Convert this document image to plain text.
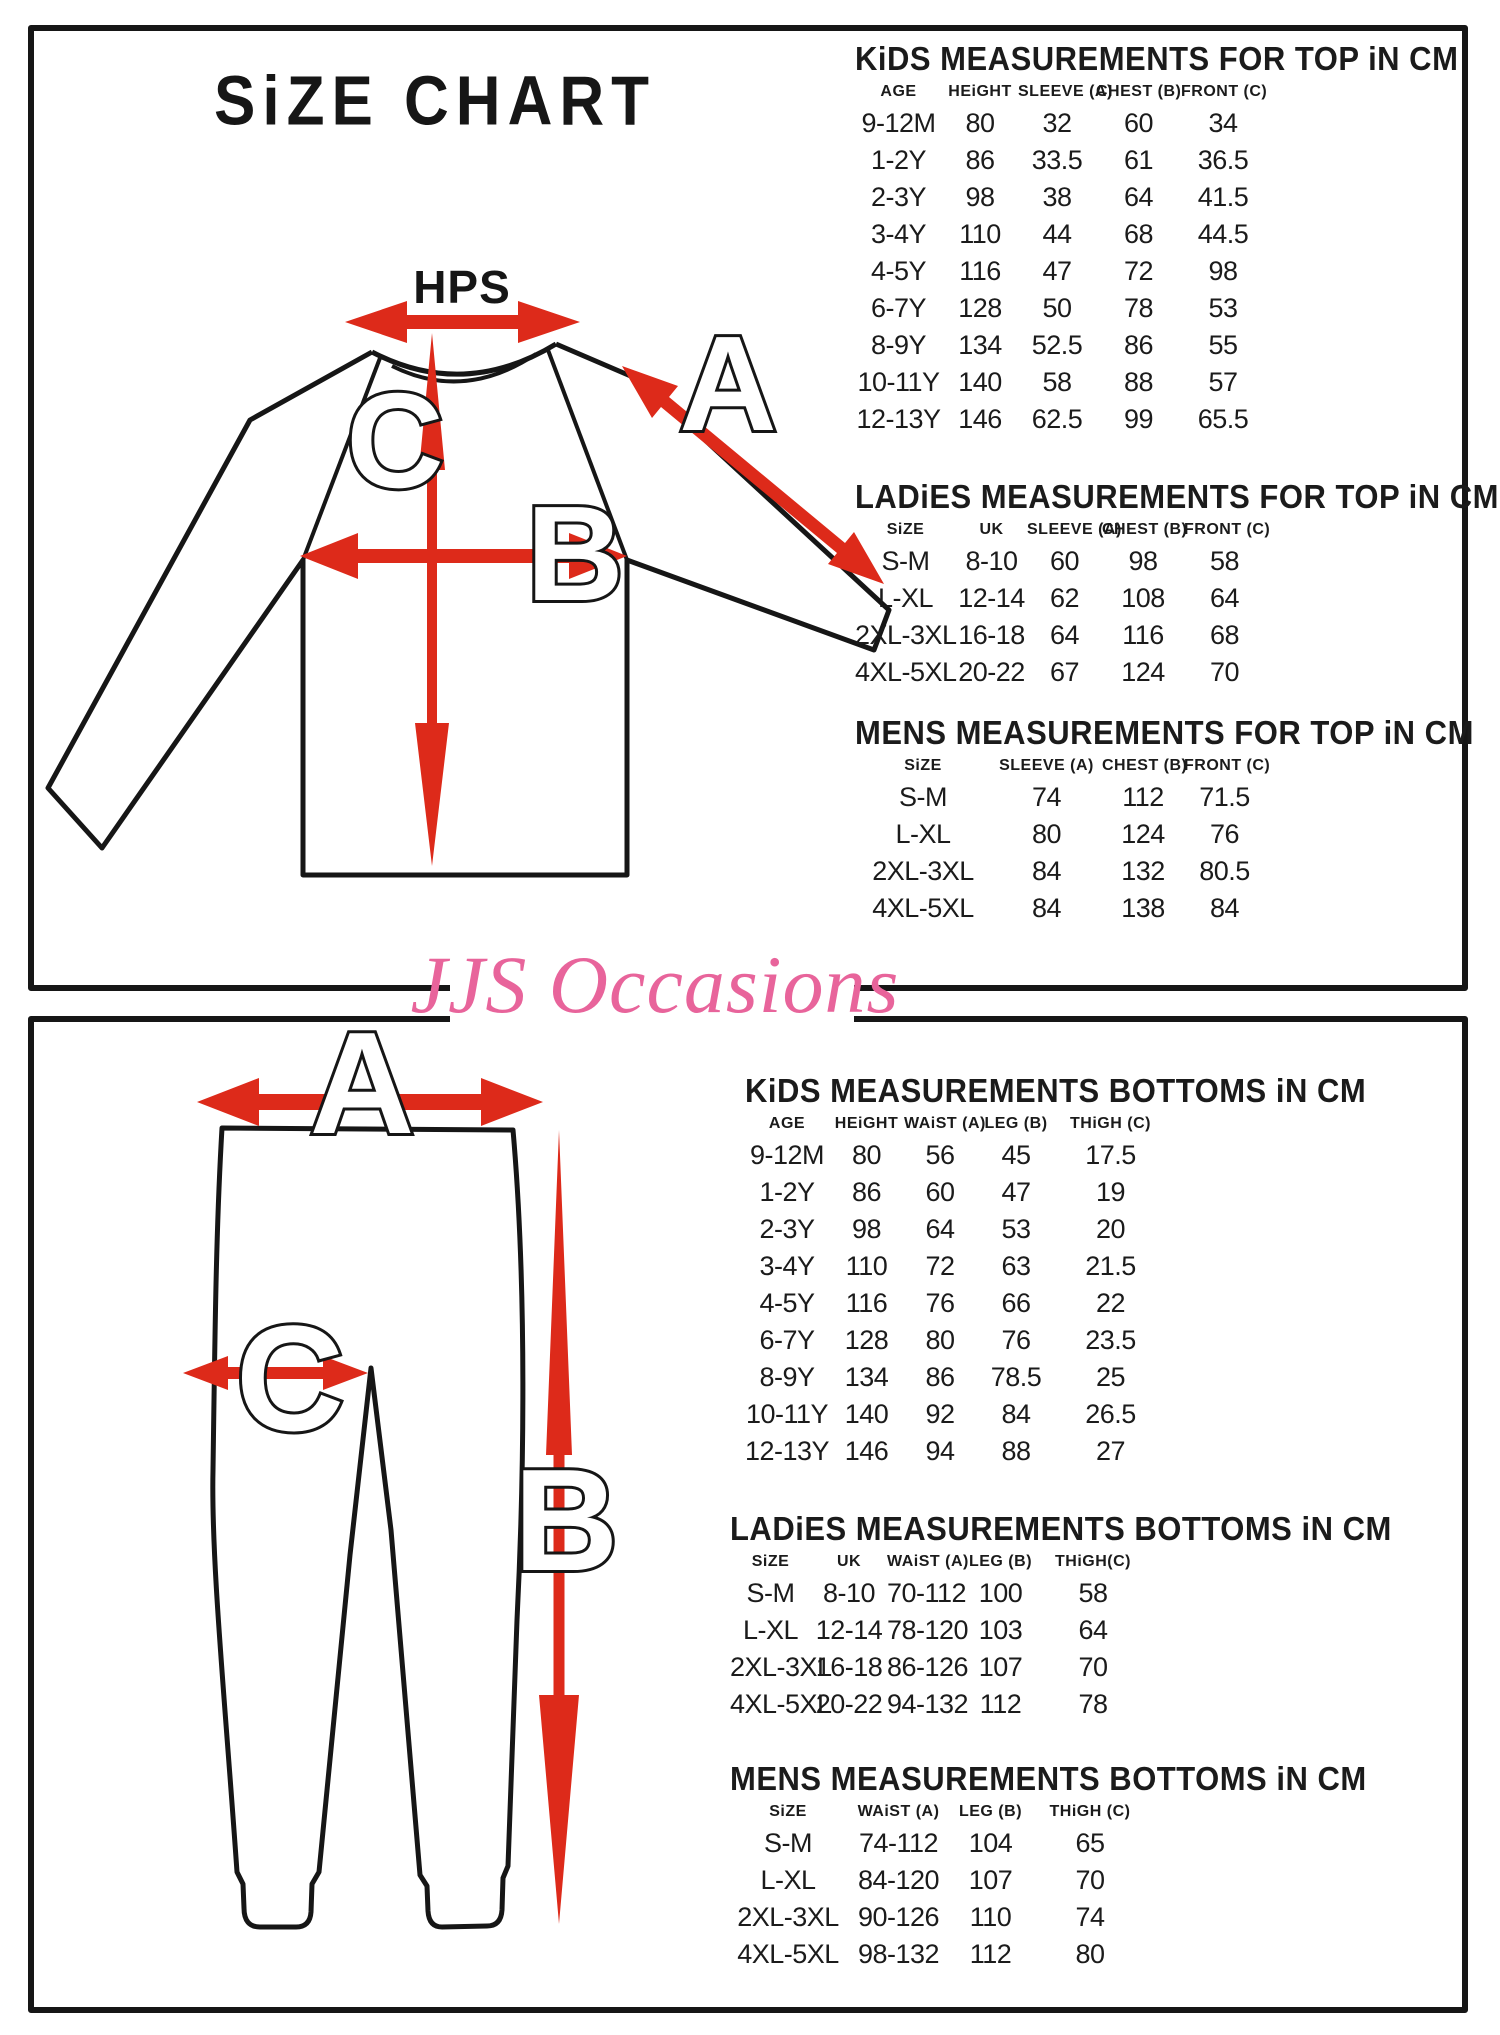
SiZE CHART
HPS
C A
B
A
C
B
JJS Occasions
KiDS MEASUREMENTS FOR TOP iN CM
AGE	HEiGHT	SLEEVE (A)	CHEST (B)	FRONT (C)
9-12M	80	32	60	34
1-2Y	86	33.5	61	36.5
2-3Y	98	38	64	41.5
3-4Y	110	44	68	44.5
4-5Y	116	47	72	98
6-7Y	128	50	78	53
8-9Y	134	52.5	86	55
10-11Y	140	58	88	57
12-13Y	146	62.5	99	65.5
LADiES MEASUREMENTS FOR TOP iN CM
SiZE	UK	SLEEVE (A)	CHEST (B)	FRONT (C)
S-M	8-10	60	98	58
L-XL	12-14	62	108	64
2XL-3XL	16-18	64	116	68
4XL-5XL	20-22	67	124	70
MENS MEASUREMENTS FOR TOP iN CM
SiZE	SLEEVE (A)	CHEST (B)	FRONT (C)
S-M	74	112	71.5
L-XL	80	124	76
2XL-3XL	84	132	80.5
4XL-5XL	84	138	84
KiDS MEASUREMENTS BOTTOMS iN CM
AGE	HEiGHT	WAiST (A)	LEG (B)	THiGH (C)
9-12M	80	56	45	17.5
1-2Y	86	60	47	19
2-3Y	98	64	53	20
3-4Y	110	72	63	21.5
4-5Y	116	76	66	22
6-7Y	128	80	76	23.5
8-9Y	134	86	78.5	25
10-11Y	140	92	84	26.5
12-13Y	146	94	88	27
LADiES MEASUREMENTS BOTTOMS iN CM
SiZE	UK	WAiST (A)	LEG (B)	THiGH(C)
S-M	8-10	70-112	100	58
L-XL	12-14	78-120	103	64
2XL-3XL	16-18	86-126	107	70
4XL-5XL	20-22	94-132	112	78
MENS MEASUREMENTS BOTTOMS iN CM
SiZE	WAiST (A)	LEG (B)	THiGH (C)
S-M	74-112	104	65
L-XL	84-120	107	70
2XL-3XL	90-126	110	74
4XL-5XL	98-132	112	80
